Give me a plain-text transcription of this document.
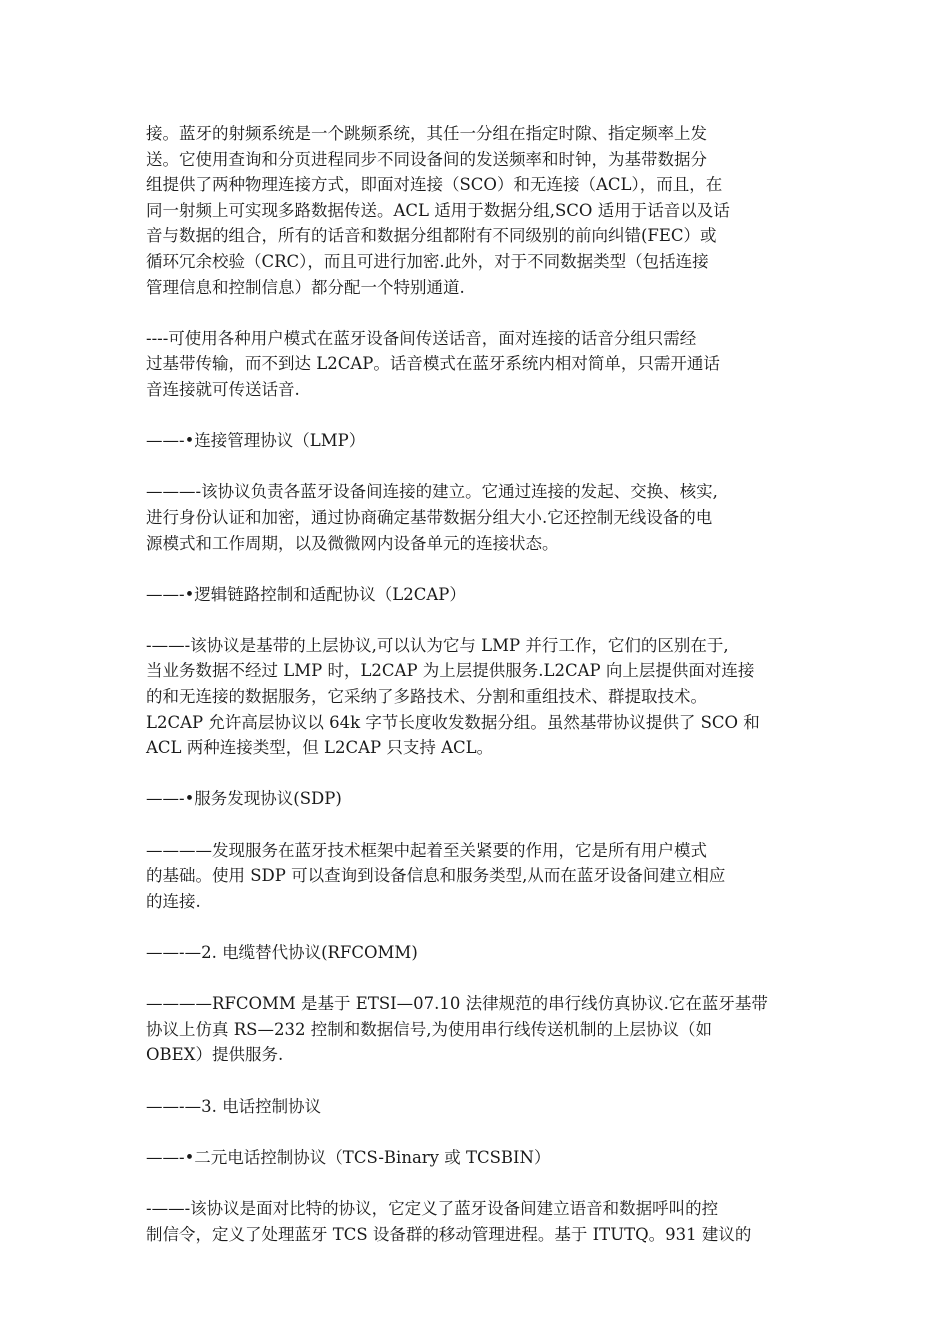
接。蓝牙的射频系统是一个跳频系统，其任一分组在指定时隙、指定频率上发
送。它使用查询和分页进程同步不同设备间的发送频率和时钟，为基带数据分
组提供了两种物理连接方式，即面对连接（SCO）和无连接（ACL），而且，在
同一射频上可实现多路数据传送。ACL 适用于数据分组,SCO 适用于话音以及话
音与数据的组合，所有的话音和数据分组都附有不同级别的前向纠错(FEC）或
循环冗余校验（CRC），而且可进行加密.此外，对于不同数据类型（包括连接
管理信息和控制信息）都分配一个特别通道.
----可使用各种用户模式在蓝牙设备间传送话音，面对连接的话音分组只需经
过基带传输，而不到达 L2CAP。话音模式在蓝牙系统内相对简单，只需开通话
音连接就可传送话音.
——-•连接管理协议（LMP）
———-该协议负责各蓝牙设备间连接的建立。它通过连接的发起、交换、核实,
进行身份认证和加密，通过协商确定基带数据分组大小.它还控制无线设备的电
源模式和工作周期，以及微微网内设备单元的连接状态。
——-•逻辑链路控制和适配协议（L2CAP）
-——-该协议是基带的上层协议,可以认为它与 LMP 并行工作，它们的区别在于,
当业务数据不经过 LMP 时，L2CAP 为上层提供服务.L2CAP 向上层提供面对连接
的和无连接的数据服务，它采纳了多路技术、分割和重组技术、群提取技术。
L2CAP 允许高层协议以 64k 字节长度收发数据分组。虽然基带协议提供了 SCO 和
ACL 两种连接类型，但 L2CAP 只支持 ACL。
——-•服务发现协议(SDP)
————发现服务在蓝牙技术框架中起着至关紧要的作用，它是所有用户模式
的基础。使用 SDP 可以查询到设备信息和服务类型,从而在蓝牙设备间建立相应
的连接.
——-—2. 电缆替代协议(RFCOMM)
————RFCOMM 是基于 ETSI—07.10 法律规范的串行线仿真协议.它在蓝牙基带
协议上仿真 RS—232 控制和数据信号,为使用串行线传送机制的上层协议（如
OBEX）提供服务.
——-—3. 电话控制协议
——-•二元电话控制协议（TCS-Binary 或 TCSBIN）
-——-该协议是面对比特的协议，它定义了蓝牙设备间建立语音和数据呼叫的控
制信令，定义了处理蓝牙 TCS 设备群的移动管理进程。基于 ITUTQ。931 建议的
